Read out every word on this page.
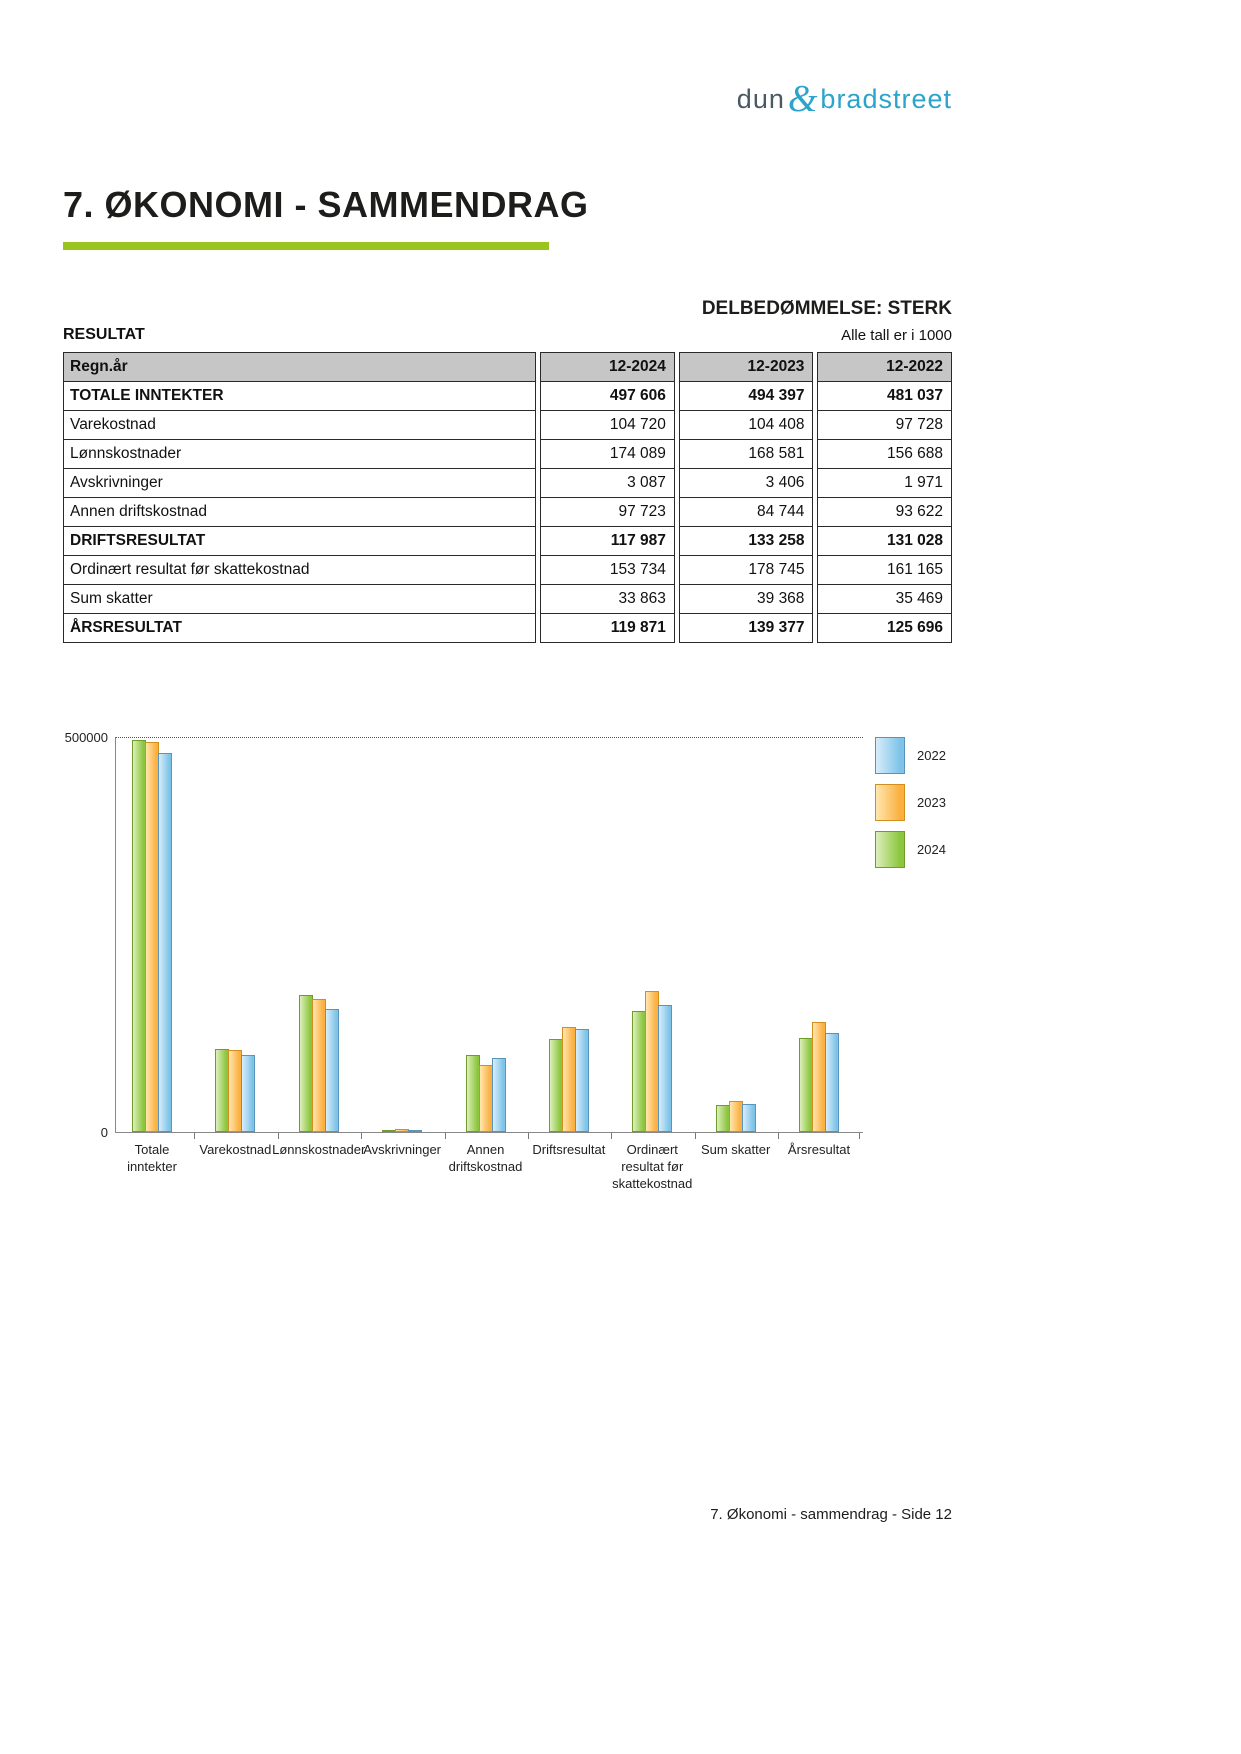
dun & bradstreet
7. ØKONOMI - SAMMENDRAG
DELBEDØMMELSE: STERK
RESULTAT	Alle tall er i 1000
Regn.år	12-2024	12-2023	12-2022
TOTALE INNTEKTER	497 606	494 397	481 037
Varekostnad	104 720	104 408	97 728
Lønnskostnader	174 089	168 581	156 688
Avskrivninger	3 087	3 406	1 971
Annen driftskostnad	97 723	84 744	93 622
DRIFTSRESULTAT	117 987	133 258	131 028
Ordinært resultat før skattekostnad	153 734	178 745	161 165
Sum skatter	33 863	39 368	35 469
ÅRSRESULTAT	119 871	139 377	125 696
500000
0
Totale
inntekter
Varekostnad Lønnskostnader
Avskrivninger	Annen
driftskostnad
Driftsresultat	Ordinært
resultat før
skattekostnad
Sum skatter	Årsresultat
2022
2023
2024
7. Økonomi - sammendrag - Side 12
